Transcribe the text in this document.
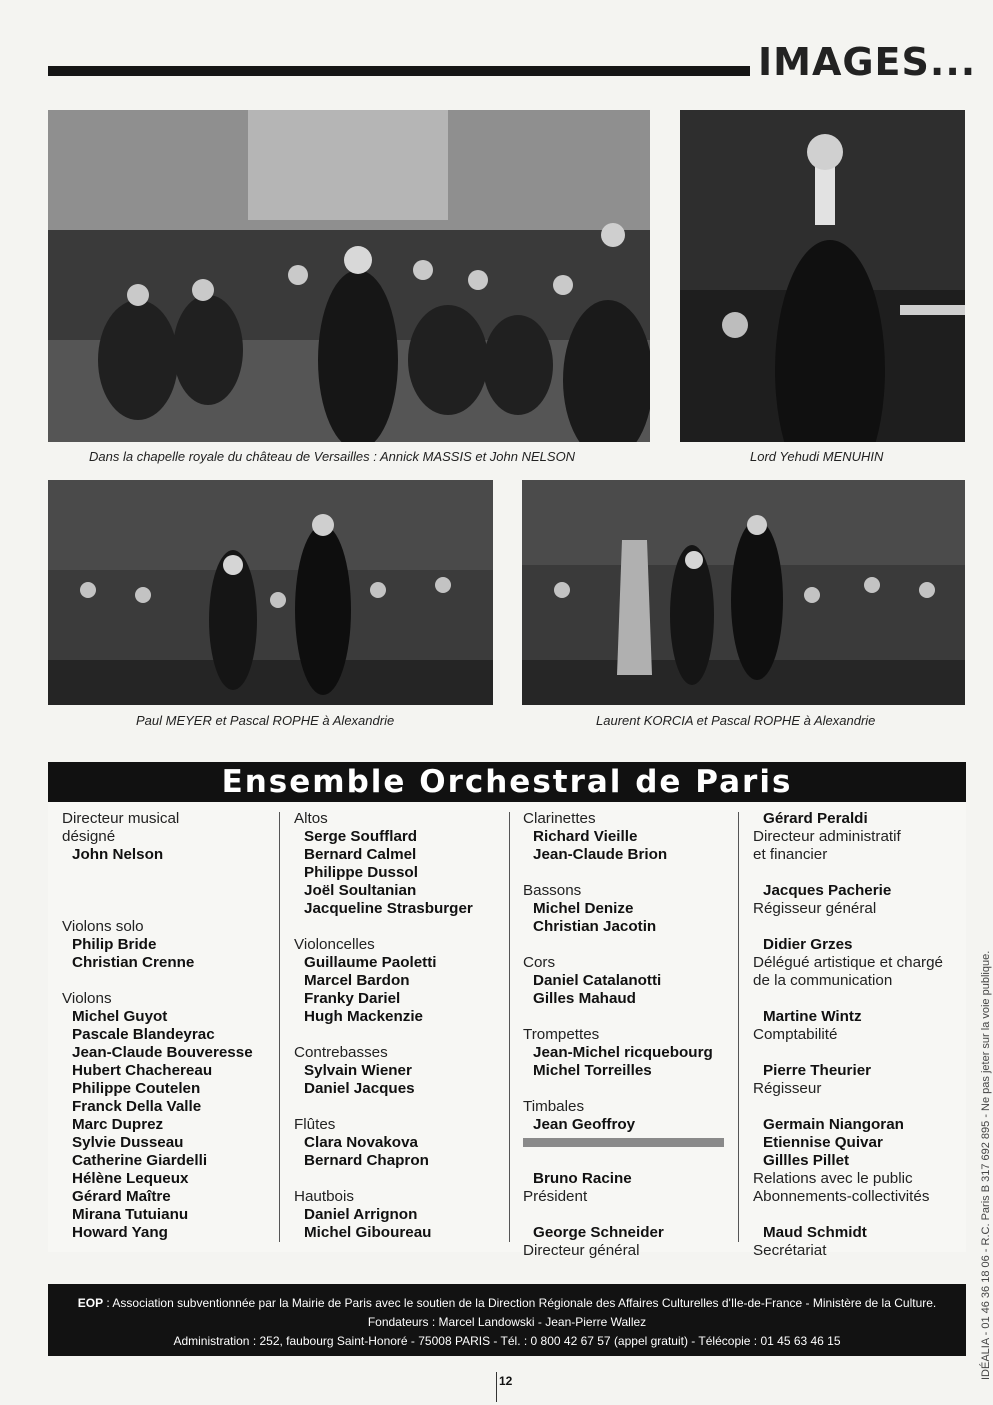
IMAGES...
Dans la chapelle royale du château de Versailles : Annick MASSIS et John NELSON	Lord Yehudi MENUHIN
Paul MEYER et Pascal ROPHE à Alexandrie	Laurent KORCIA et Pascal ROPHE à Alexandrie
Ensemble Orchestral de Paris
Directeur musical
désigné
John Nelson
Violons solo
Philip Bride
Christian Crenne
Violons
Michel Guyot
Pascale Blandeyrac
Jean-Claude Bouveresse
Hubert Chachereau
Philippe Coutelen
Franck Della Valle
Marc Duprez
Sylvie Dusseau
Catherine Giardelli
Hélène Lequeux
Gérard Maître
Mirana Tutuianu
Howard Yang
Altos
Serge Soufflard
Bernard Calmel
Philippe Dussol
Joël Soultanian
Jacqueline Strasburger
Violoncelles
Guillaume Paoletti
Marcel Bardon
Franky Dariel
Hugh Mackenzie
Contrebasses
Sylvain Wiener
Daniel Jacques
Flûtes
Clara Novakova
Bernard Chapron
Hautbois
Daniel Arrignon
Michel Giboureau
Clarinettes
Richard Vieille
Jean-Claude Brion
Bassons
Michel Denize
Christian Jacotin
Cors
Daniel Catalanotti
Gilles Mahaud
Trompettes
Jean-Michel ricquebourg
Michel Torreilles
Timbales
Jean Geoffroy
Bruno Racine
Président
George Schneider
Directeur général
Gérard Peraldi
Directeur administratif
et financier
Jacques Pacherie
Régisseur général
Didier Grzes
Délégué artistique et chargé
de la communication
Martine Wintz
Comptabilité
Pierre Theurier
Régisseur
Germain Niangoran
Etiennise Quivar
Gillles Pillet
Relations avec le public
Abonnements-collectivités
Maud Schmidt
Secrétariat
EOP : Association subventionnée par la Mairie de Paris avec le soutien de la Direction Régionale des Affaires Culturelles d'Ile-de-France - Ministère de la Culture.
Fondateurs : Marcel Landowski - Jean-Pierre Wallez
Administration : 252, faubourg Saint-Honoré - 75008 PARIS - Tél. : 0 800 42 67 57 (appel gratuit) - Télécopie : 01 45 63 46 15
12
IDÉALIA - 01 46 36 18 06 - R.C. Paris B 317 692 895 - Ne pas jeter sur la voie publique.
